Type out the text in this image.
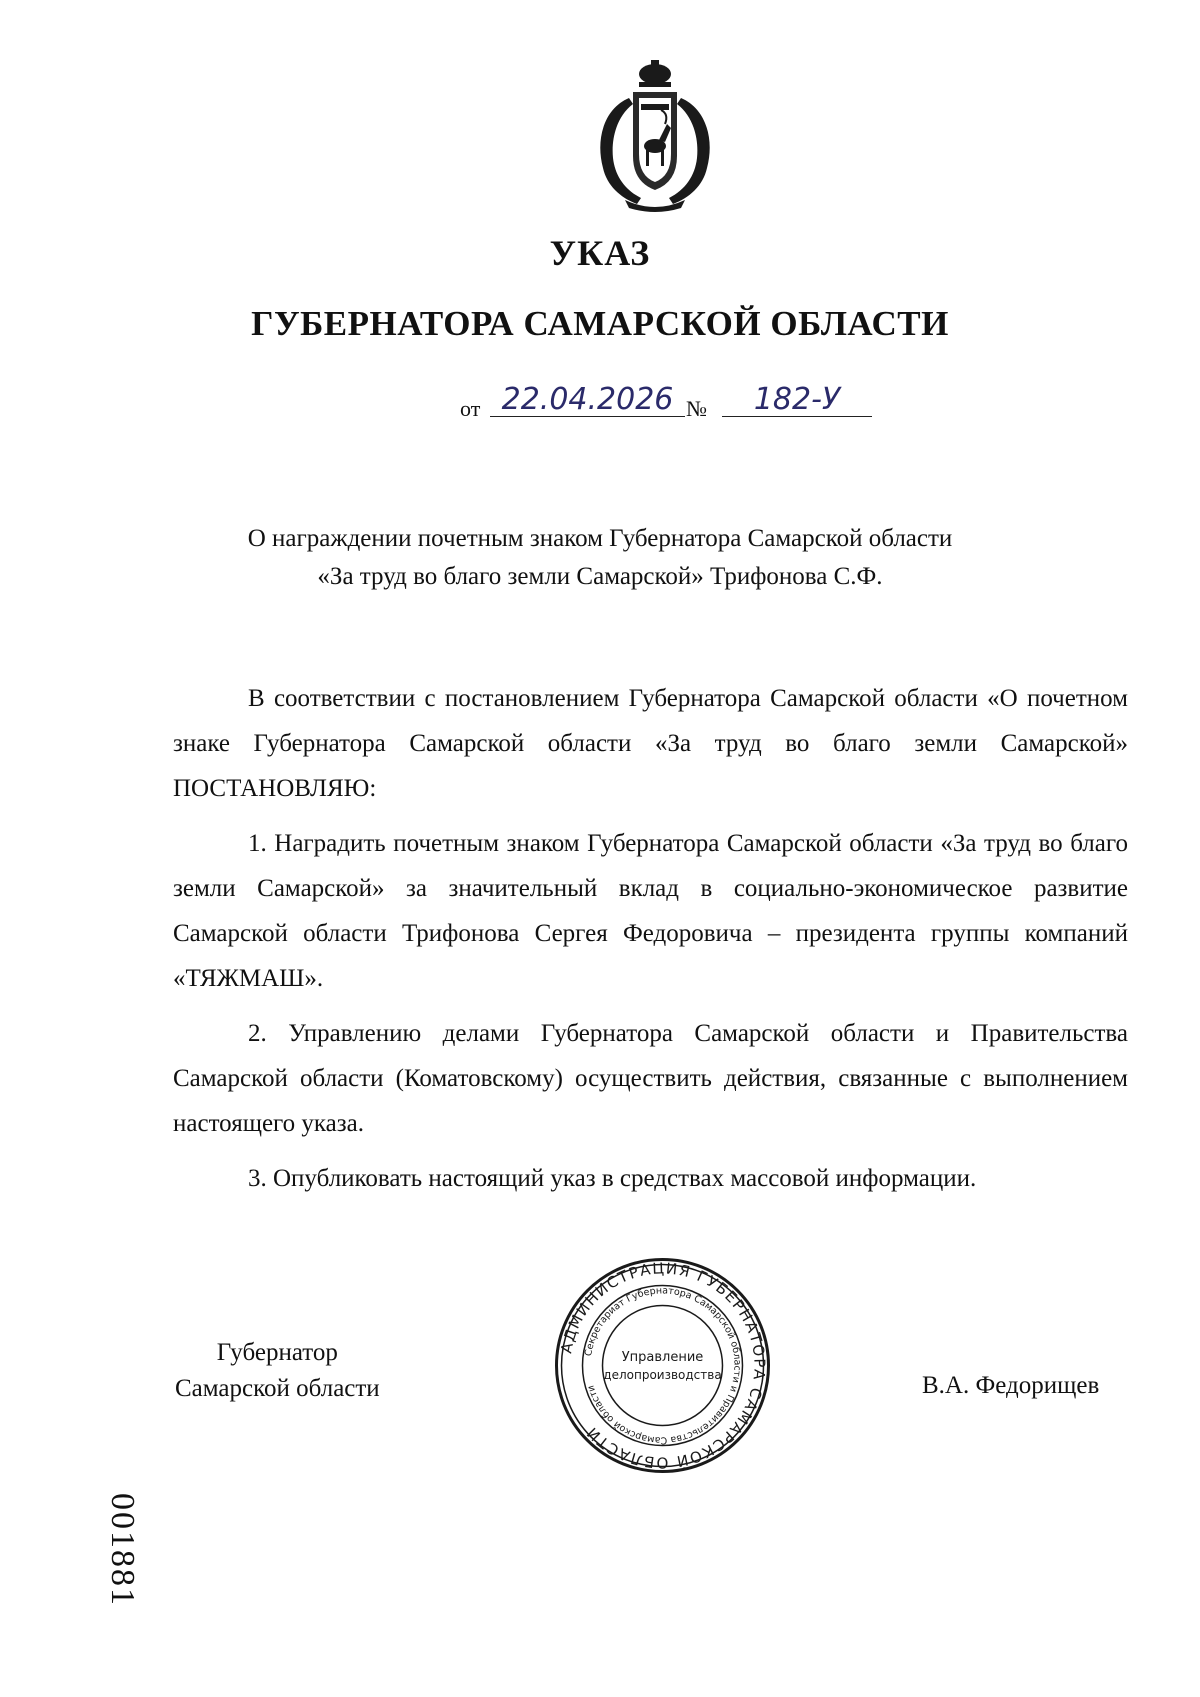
УКАЗ
ГУБЕРНАТОРА САМАРСКОЙ ОБЛАСТИ
от 22.04.2026 №	182-У
О награждении почетным знаком Губернатора Самарской области
«За труд во благо земли Самарской» Трифонова С.Ф.

В соответствии с постановлением Губернатора Самарской области «О почетном знаке Губернатора Самарской области «За труд во благо земли Самарской» ПОСТАНОВЛЯЮ:

1. Наградить почетным знаком Губернатора Самарской области «За труд во благо земли Самарской» за значительный вклад в социально-экономическое развитие Самарской области Трифонова Сергея Федоровича – президента группы компаний «ТЯЖМАШ».

2. Управлению делами Губернатора Самарской области и Правительства Самарской области (Коматовскому) осуществить действия, связанные с выполнением настоящего указа.

3. Опубликовать настоящий указ в средствах массовой информации.

Губернатор
Самарской области
АДМИНИСТРАЦИЯ ГУБЕРНАТОРА САМАРСКОЙ ОБЛАСТИ
Секретариат Губернатора Самарской области и Правительства Самарской области
Управление
делопроизводства	В.А. Федорищев
001881
